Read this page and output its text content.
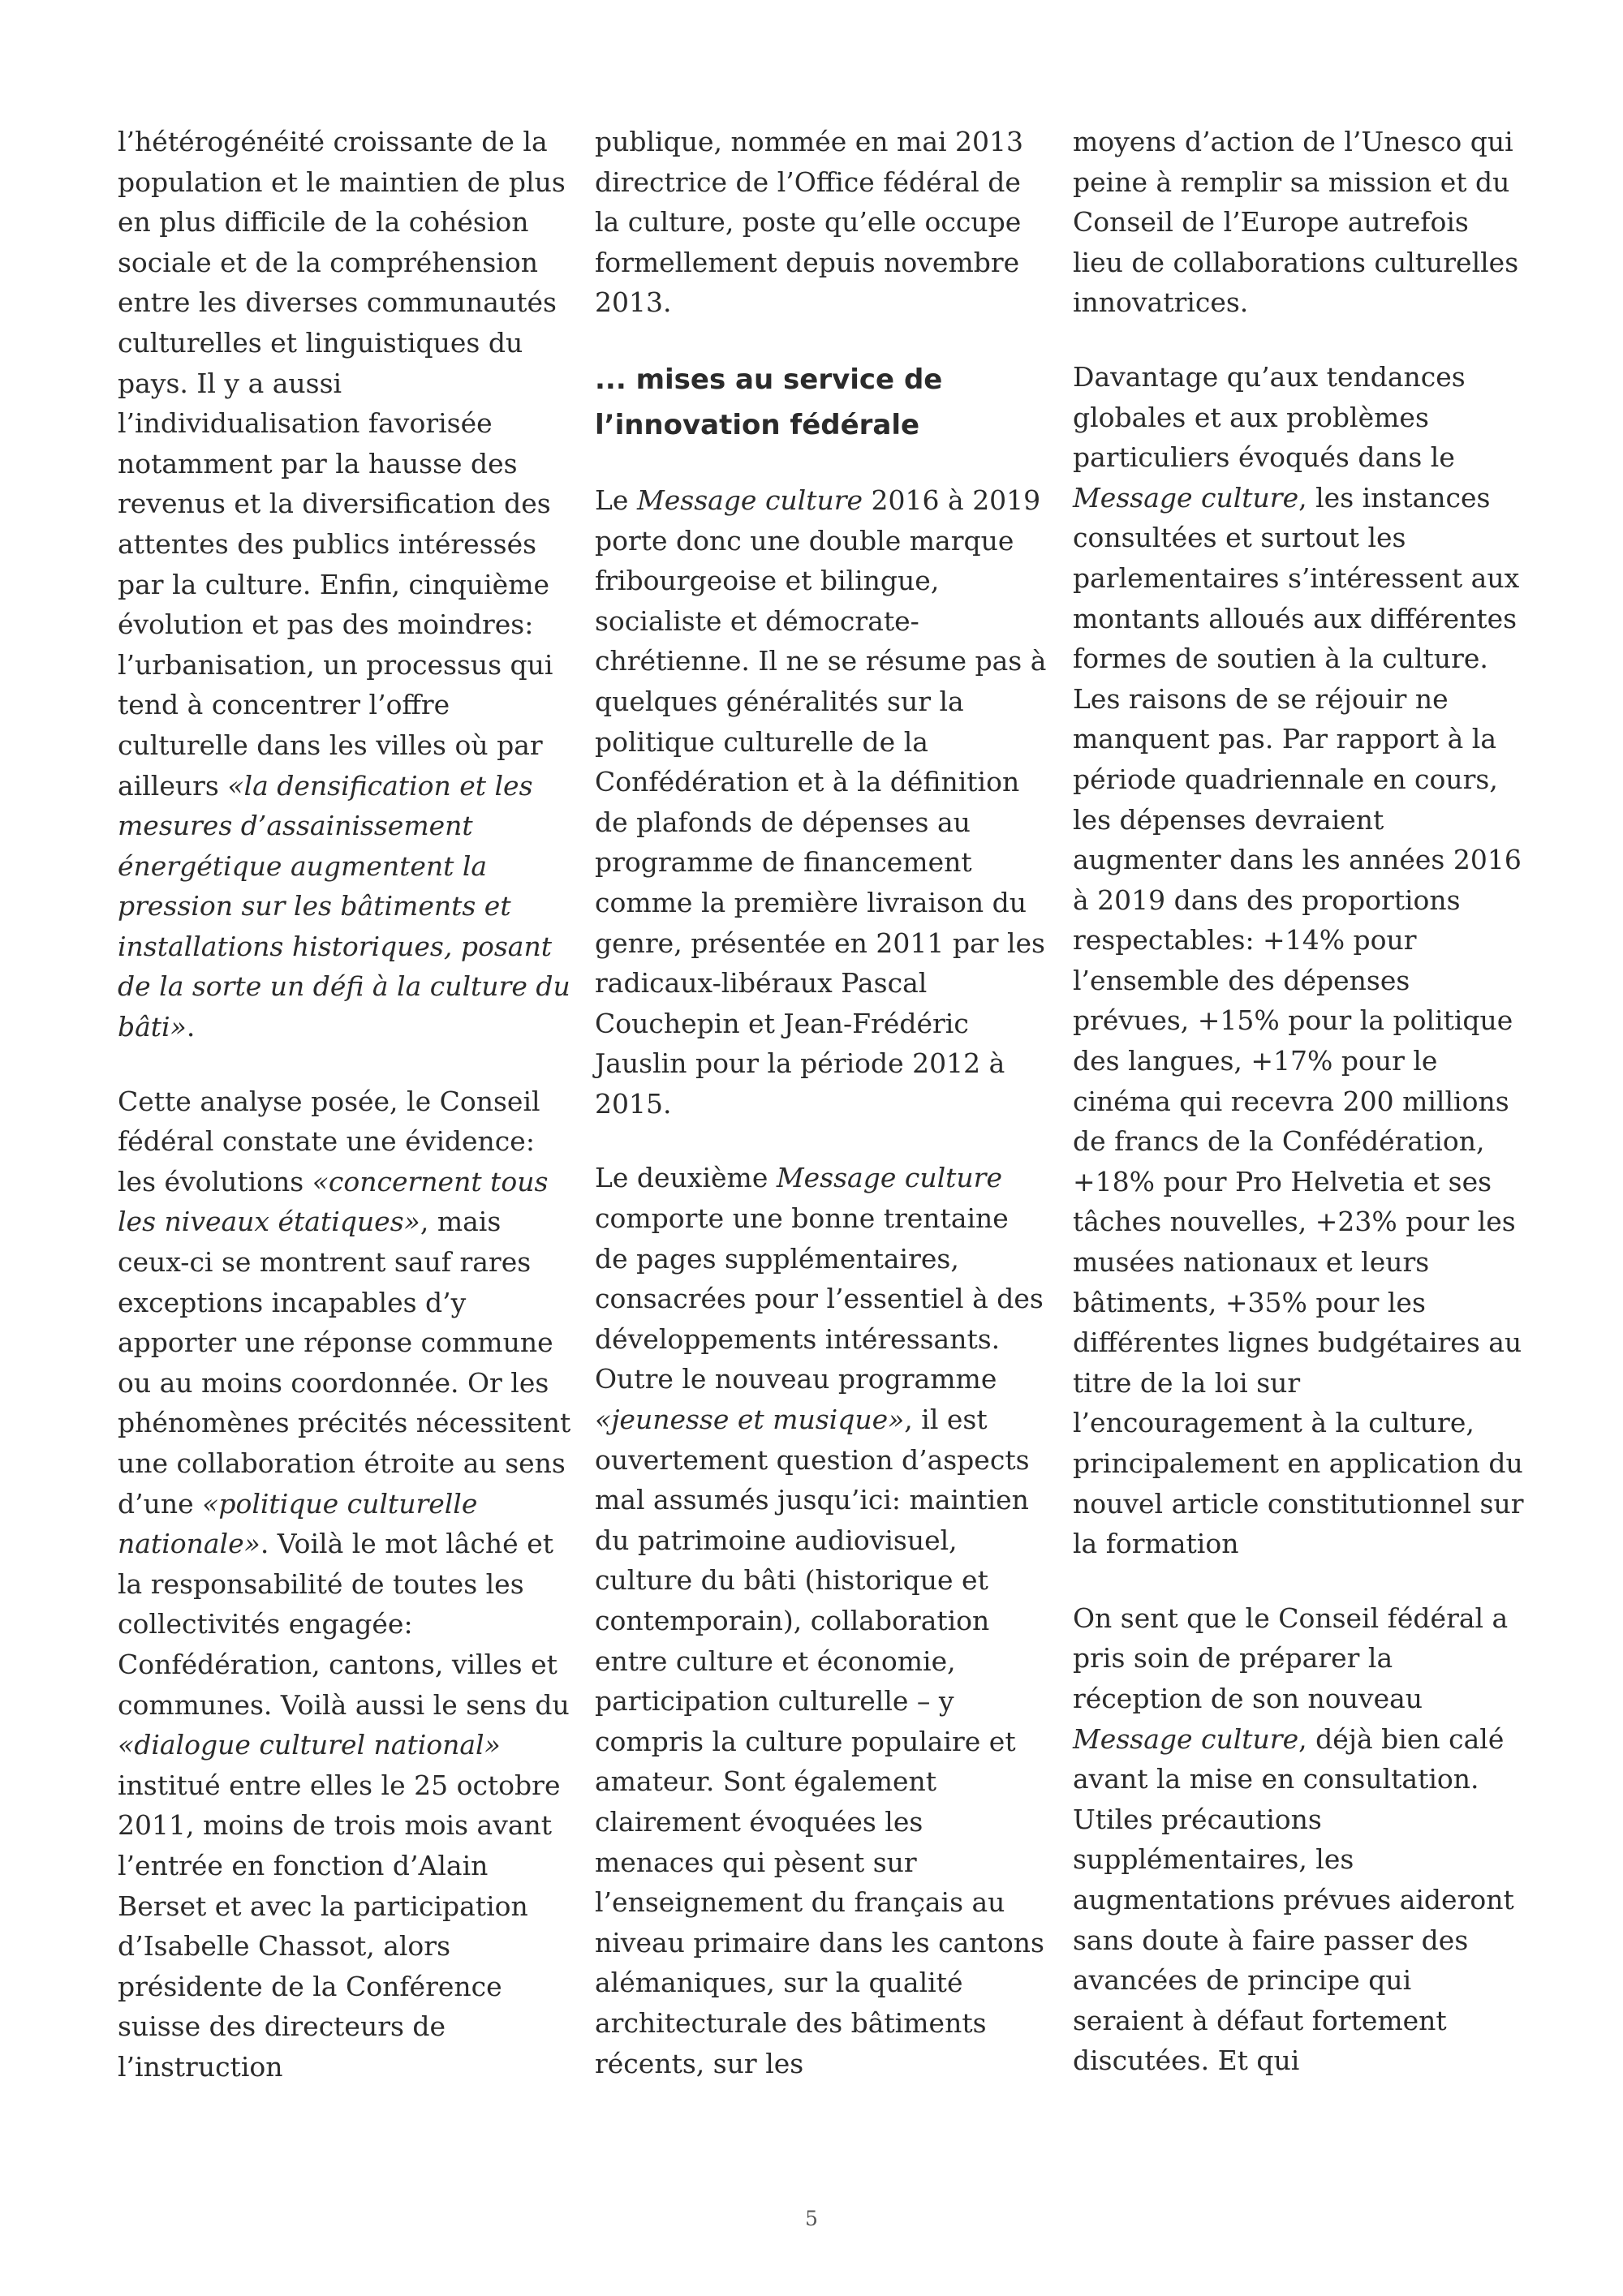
l’hétérogénéité croissante de la population et le maintien de plus en plus difficile de la cohésion sociale et de la compréhension entre les diverses communautés culturelles et linguistiques du pays. Il y a aussi l’individualisation favorisée notamment par la hausse des revenus et la diversification des attentes des publics intéressés par la culture. Enfin, cinquième évolution et pas des moindres: l’urbanisation, un processus qui tend à concentrer l’offre culturelle dans les villes où par ailleurs «la densification et les mesures d’assainissement énergétique augmentent la pression sur les bâtiments et installations historiques, posant de la sorte un défi à la culture du bâti».

Cette analyse posée, le Conseil fédéral constate une évidence: les évolutions «concernent tous les niveaux étatiques», mais ceux-ci se montrent sauf rares exceptions incapables d’y apporter une réponse commune ou au moins coordonnée. Or les phénomènes précités nécessitent une collaboration étroite au sens d’une «politique culturelle nationale». Voilà le mot lâché et la responsabilité de toutes les collectivités engagée: Confédération, cantons, villes et communes. Voilà aussi le sens du «dialogue culturel national» institué entre elles le 25 octobre 2011, moins de trois mois avant l’entrée en fonction d’Alain Berset et avec la participation d’Isabelle Chassot, alors présidente de la Conférence suisse des directeurs de l’instruction

publique, nommée en mai 2013 directrice de l’Office fédéral de la culture, poste qu’elle occupe formellement depuis novembre 2013.

... mises au service de
l’innovation fédérale

Le Message culture 2016 à 2019 porte donc une double marque fribourgeoise et bilingue, socialiste et démocrate-chrétienne. Il ne se résume pas à quelques généralités sur la politique culturelle de la Confédération et à la définition de plafonds de dépenses au programme de financement comme la première livraison du genre, présentée en 2011 par les radicaux-libéraux Pascal Couchepin et Jean-Frédéric Jauslin pour la période 2012 à 2015.

Le deuxième Message culture comporte une bonne trentaine de pages supplémentaires, consacrées pour l’essentiel à des développements intéressants. Outre le nouveau programme «jeunesse et musique», il est ouvertement question d’aspects mal assumés jusqu’ici: maintien du patrimoine audiovisuel, culture du bâti (historique et contemporain), collaboration entre culture et économie, participation culturelle – y compris la culture populaire et amateur. Sont également clairement évoquées les menaces qui pèsent sur l’enseignement du français au niveau primaire dans les cantons alémaniques, sur la qualité architecturale des bâtiments récents, sur les

moyens d’action de l’Unesco qui peine à remplir sa mission et du Conseil de l’Europe autrefois lieu de collaborations culturelles innovatrices.

Davantage qu’aux tendances globales et aux problèmes particuliers évoqués dans le Message culture, les instances consultées et surtout les parlementaires s’intéressent aux montants alloués aux différentes formes de soutien à la culture. Les raisons de se réjouir ne manquent pas. Par rapport à la période quadriennale en cours, les dépenses devraient augmenter dans les années 2016 à 2019 dans des proportions respectables: +14% pour l’ensemble des dépenses prévues, +15% pour la politique des langues, +17% pour le cinéma qui recevra 200 millions de francs de la Confédération, +18% pour Pro Helvetia et ses tâches nouvelles, +23% pour les musées nationaux et leurs bâtiments, +35% pour les différentes lignes budgétaires au titre de la loi sur l’encouragement à la culture, principalement en application du nouvel article constitutionnel sur la formation

On sent que le Conseil fédéral a pris soin de préparer la réception de son nouveau Message culture, déjà bien calé avant la mise en consultation. Utiles précautions supplémentaires, les augmentations prévues aideront sans doute à faire passer des avancées de principe qui seraient à défaut fortement discutées. Et qui

5
